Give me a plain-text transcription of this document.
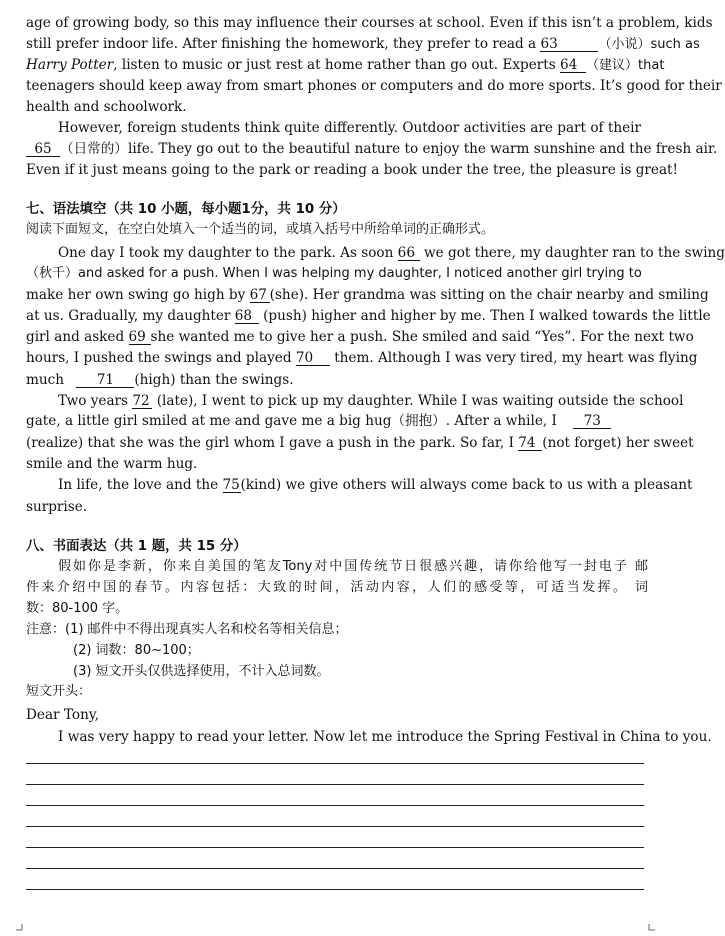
age of growing body, so this may influence their courses at school. Even if this isn’t a problem, kids
still prefer indoor life. After finishing the homework, they prefer to read a 63	（小说）such as
Harry Potter, listen to music or just rest at home rather than go out. Experts 64 （建议）that
teenagers should keep away from smart phones or computers and do more sports. It’s good for their
health and schoolwork.
However, foreign students think quite differently. Outdoor activities are part of their
65 （日常的）life. They go out to the beautiful nature to enjoy the warm sunshine and the fresh air.
Even if it just means going to the park or reading a book under the tree, the pleasure is great!
七、语法填空（共 10 小题，每小题1分，共 10 分）
阅读下面短文，在空白处填入一个适当的词，或填入括号中所给单词的正确形式。
One day I took my daughter to the park. As soon 66 we got there, my daughter ran to the swing
（秋千）and asked for a push. When I was helping my daughter, I noticed another girl trying to
make her own swing go high by 67 (she). Her grandma was sitting on the chair nearby and smiling
at us. Gradually, my daughter 68 (push) higher and higher by me. Then I walked towards the little
girl and asked 69 she wanted me to give her a push. She smiled and said “Yes”. For the next two
hours, I pushed the swings and played 70 them. Although I was very tired, my heart was flying
much 71 (high) than the swings.
Two years 72 (late), I went to pick up my daughter. While I was waiting outside the school
gate, a little girl smiled at me and gave me a big hug（拥抱）. After a while, I 73
(realize) that she was the girl whom I gave a push in the park. So far, I 74 (not forget) her sweet
smile and the warm hug.
In life, the love and the 75(kind) we give others will always come back to us with a pleasant
surprise.
八、书面表达（共 1 题，共 15 分）
假如你是李新，你来自美国的笔友Tony对中国传统节日很感兴趣，请你给他写一封电子 邮
件来介绍中国的春节。内容包括：大致的时间，活动内容，人们的感受等，可适当发挥。 词
数：80-100 字。
注意：(1) 邮件中不得出现真实人名和校名等相关信息；
(2) 词数：80~100；
(3) 短文开头仅供选择使用，不计入总词数。
短文开头：
Dear Tony,
I was very happy to read your letter. Now let me introduce the Spring Festival in China to you.
